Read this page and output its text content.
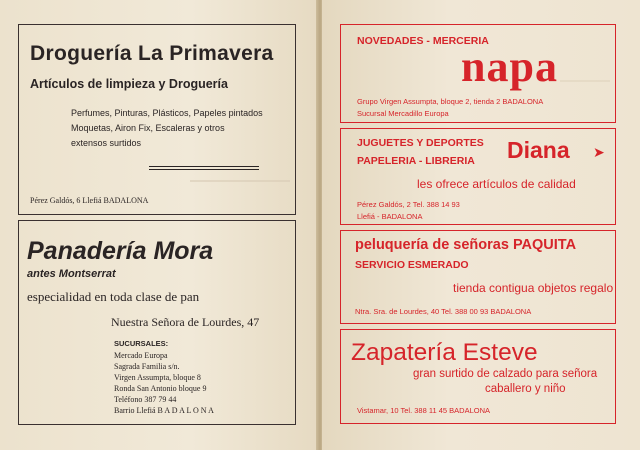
Droguería La Primavera
Artículos de limpieza y Droguería
Perfumes, Pinturas, Plásticos, Papeles pintados
Moquetas, Airon Fix, Escaleras y otros
extensos surtidos
Pérez Galdós, 6 Llefiá BADALONA
Panadería Mora
antes Montserrat
especialidad en toda clase de pan
Nuestra Señora de Lourdes, 47
SUCURSALES:
Mercado Europa
Sagrada Familia s/n.
Virgen Assumpta, bloque 8
Ronda San Antonio bloque 9
Teléfono 387 79 44
Barrio Llefiá B A D A L O N A
NOVEDADES - MERCERIA
napa
Grupo Virgen Assumpta, bloque 2, tienda 2 BADALONA
Sucursal Mercadillo Europa
JUGUETES Y DEPORTES
PAPELERIA - LIBRERIA Diana ➤
les ofrece artículos de calidad
Pérez Galdós, 2 Tel. 388 14 93
Llefiá - BADALONA
peluquería de señoras PAQUITA
SERVICIO ESMERADO
tienda contigua objetos regalo
Ntra. Sra. de Lourdes, 40 Tel. 388 00 93 BADALONA
Zapatería Esteve
gran surtido de calzado para señora
caballero y niño
Vistamar, 10 Tel. 388 11 45 BADALONA
